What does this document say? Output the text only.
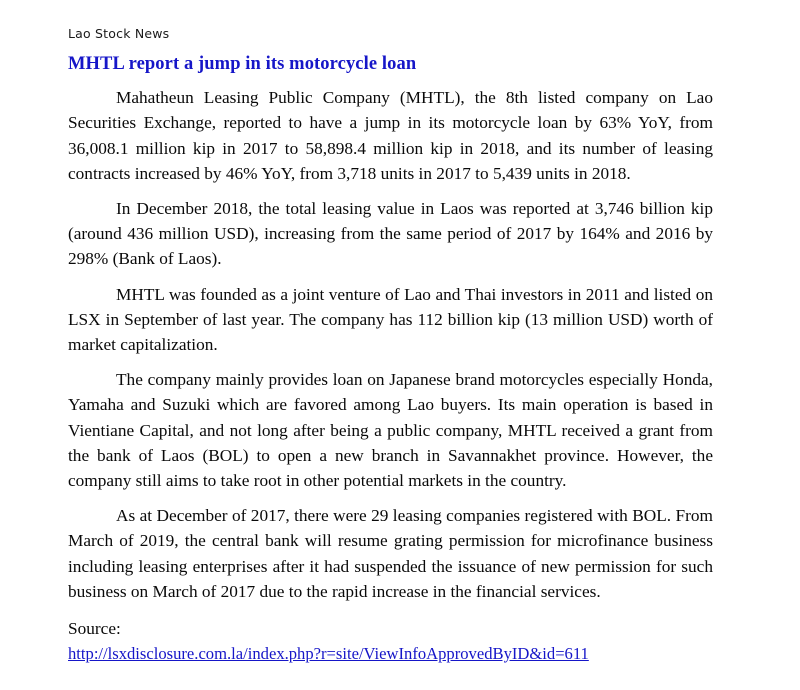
Lao Stock News
MHTL report a jump in its motorcycle loan

Mahatheun Leasing Public Company (MHTL), the 8th listed company on Lao Securities Exchange, reported to have a jump in its motorcycle loan by 63% YoY, from 36,008.1 million kip in 2017 to 58,898.4 million kip in 2018, and its number of leasing contracts increased by 46% YoY, from 3,718 units in 2017 to 5,439 units in 2018.

In December 2018, the total leasing value in Laos was reported at 3,746 billion kip (around 436 million USD), increasing from the same period of 2017 by 164% and 2016 by 298% (Bank of Laos).

MHTL was founded as a joint venture of Lao and Thai investors in 2011 and listed on LSX in September of last year. The company has 112 billion kip (13 million USD) worth of market capitalization.

The company mainly provides loan on Japanese brand motorcycles especially Honda, Yamaha and Suzuki which are favored among Lao buyers. Its main operation is based in Vientiane Capital, and not long after being a public company, MHTL received a grant from the bank of Laos (BOL) to open a new branch in Savannakhet province. However, the company still aims to take root in other potential markets in the country.

As at December of 2017, there were 29 leasing companies registered with BOL. From March of 2019, the central bank will resume grating permission for microfinance business including leasing enterprises after it had suspended the issuance of new permission for such business on March of 2017 due to the rapid increase in the financial services.

Source:

http://lsxdisclosure.com.la/index.php?r=site/ViewInfoApprovedByID&id=611
